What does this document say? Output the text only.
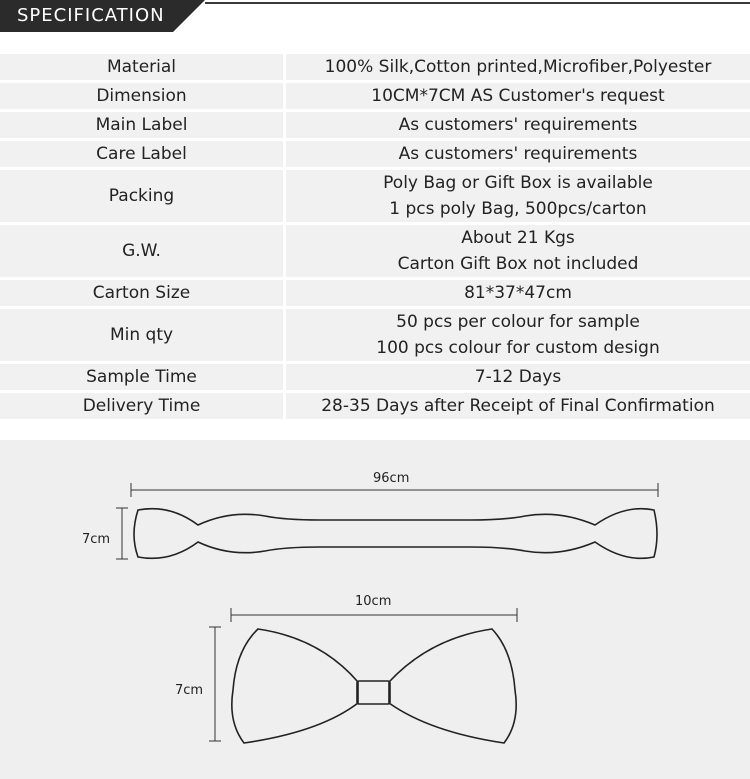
SPECIFICATION
Material	100% Silk,Cotton printed,Microfiber,Polyester

Dimension	10CM*7CM AS Customer's request

Main Label	As customers' requirements

Care Label	As customers' requirements

Packing	Poly Bag or Gift Box is available
1 pcs poly Bag, 500pcs/carton

G.W.	About 21 Kgs
Carton Gift Box not included

Carton Size	81*37*47cm

Min qty	50 pcs per colour for sample
100 pcs colour for custom design

Sample Time	7-12 Days

Delivery Time	28-35 Days after Receipt of Final Confirmation
96cm
7cm
10cm
7cm
